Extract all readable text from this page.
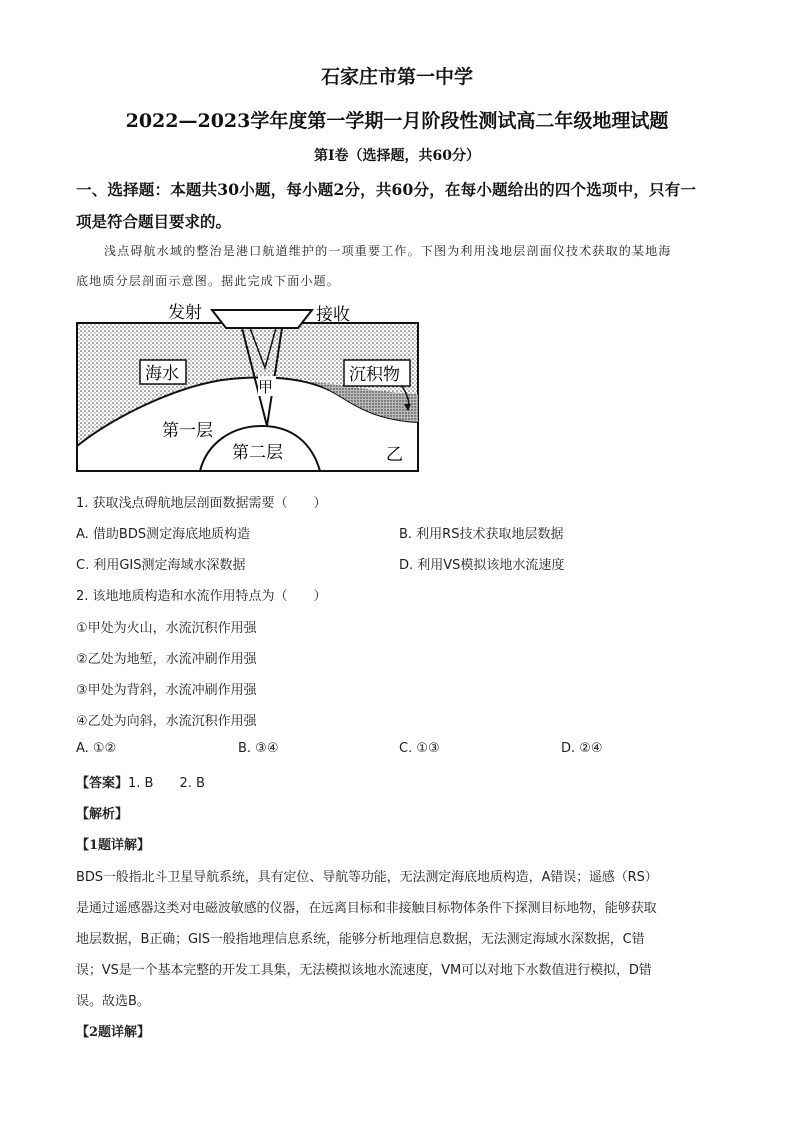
石家庄市第一中学
2022—2023学年度第一学期一月阶段性测试高二年级地理试题
第Ⅰ卷（选择题，共60分）
一、选择题：本题共30小题，每小题2分，共60分，在每小题给出的四个选项中，只有一
项是符合题目要求的。
浅点碍航水域的整治是港口航道维护的一项重要工作。下图为利用浅地层剖面仪技术获取的某地海
底地质分层剖面示意图。据此完成下面小题。
发射	接收
海水
甲
沉积物
第一层
第二层	乙
1. 获取浅点碍航地层剖面数据需要（　　）
A. 借助BDS测定海底地质构造	B. 利用RS技术获取地层数据
C. 利用GIS测定海域水深数据	D. 利用VS模拟该地水流速度
2. 该地地质构造和水流作用特点为（　　）
①甲处为火山，水流沉积作用强
②乙处为地堑，水流冲刷作用强
③甲处为背斜，水流冲刷作用强
④乙处为向斜，水流沉积作用强
A. ①②	B. ③④	C. ①③	D. ②④
【答案】1. B　　2. B
【解析】
【1题详解】
BDS一般指北斗卫星导航系统，具有定位、导航等功能，无法测定海底地质构造，A错误；遥感（RS）
是通过遥感器这类对电磁波敏感的仪器，在远离目标和非接触目标物体条件下探测目标地物，能够获取
地层数据，B正确；GIS一般指地理信息系统，能够分析地理信息数据，无法测定海域水深数据，C错
误；VS是一个基本完整的开发工具集，无法模拟该地水流速度，VM可以对地下水数值进行模拟，D错
误。故选B。
【2题详解】
